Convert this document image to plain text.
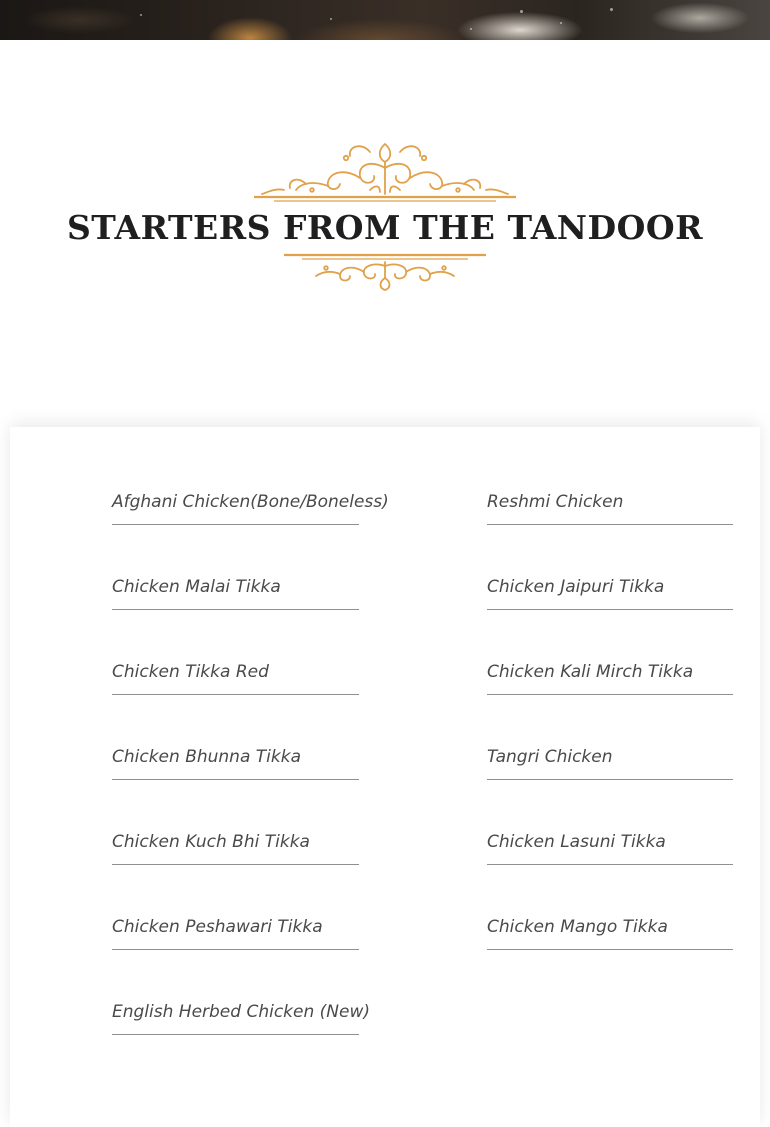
STARTERS FROM THE TANDOOR
Afghani Chicken(Bone/Boneless)
Chicken Malai Tikka
Chicken Tikka Red
Chicken Bhunna Tikka
Chicken Kuch Bhi Tikka
Chicken Peshawari Tikka
English Herbed Chicken (New)
Reshmi Chicken
Chicken Jaipuri Tikka
Chicken Kali Mirch Tikka
Tangri Chicken
Chicken Lasuni Tikka
Chicken Mango Tikka
